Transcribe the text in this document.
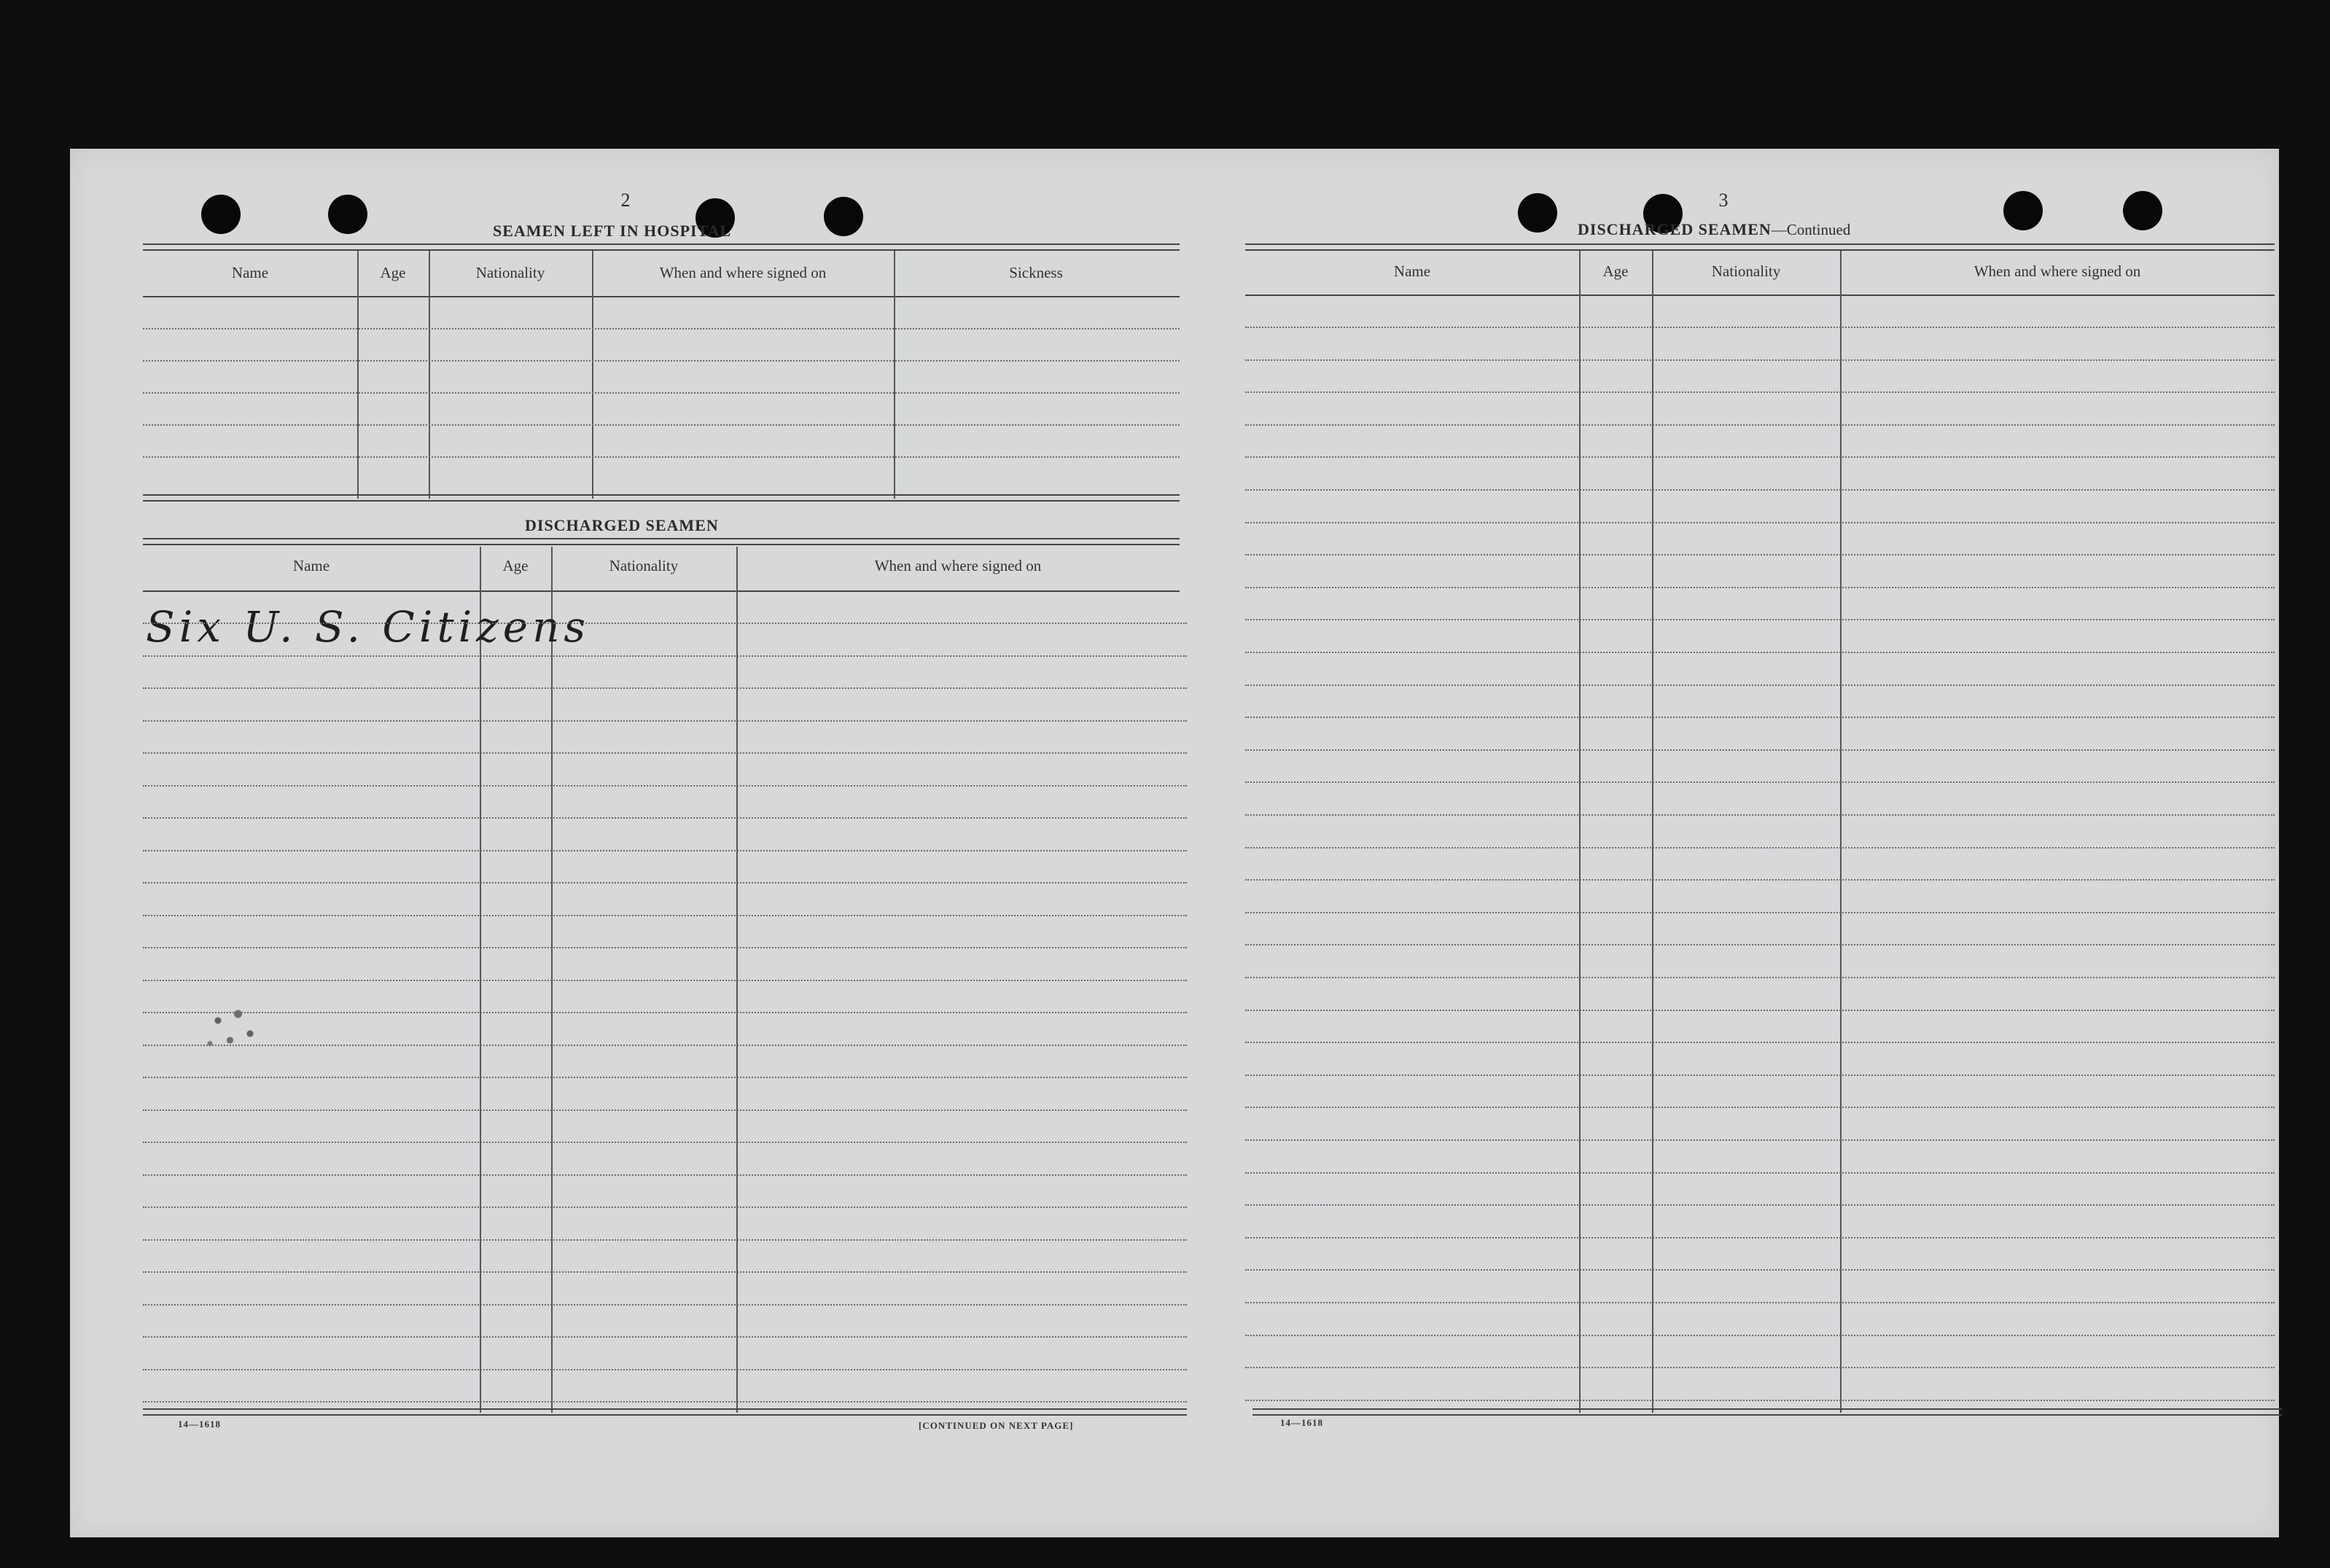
2
SEAMEN LEFT IN HOSPITAL
Name	Age	Nationality	When and where signed on	Sickness
DISCHARGED SEAMEN
Name	Age	Nationality	When and where signed on
Six U. S. Citizens
14—1618	[CONTINUED ON NEXT PAGE]
3
DISCHARGED SEAMEN—Continued
Name	Age	Nationality	When and where signed on
14—1618
